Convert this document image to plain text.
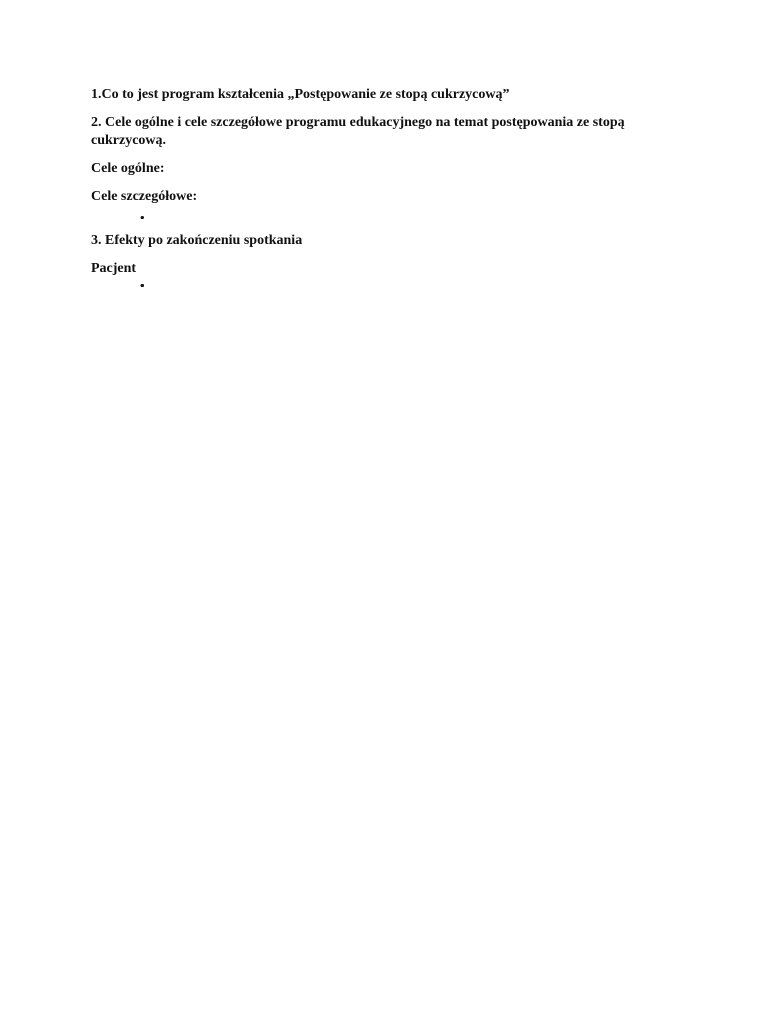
1.Co to jest program kształcenia „Postępowanie ze stopą cukrzycową”

2. Cele ogólne i cele szczegółowe programu edukacyjnego na temat postępowania ze stopą cukrzycową.
Cele ogólne:

Cele szczegółowe:
3. Efekty po zakończeniu spotkania
Pacjent
